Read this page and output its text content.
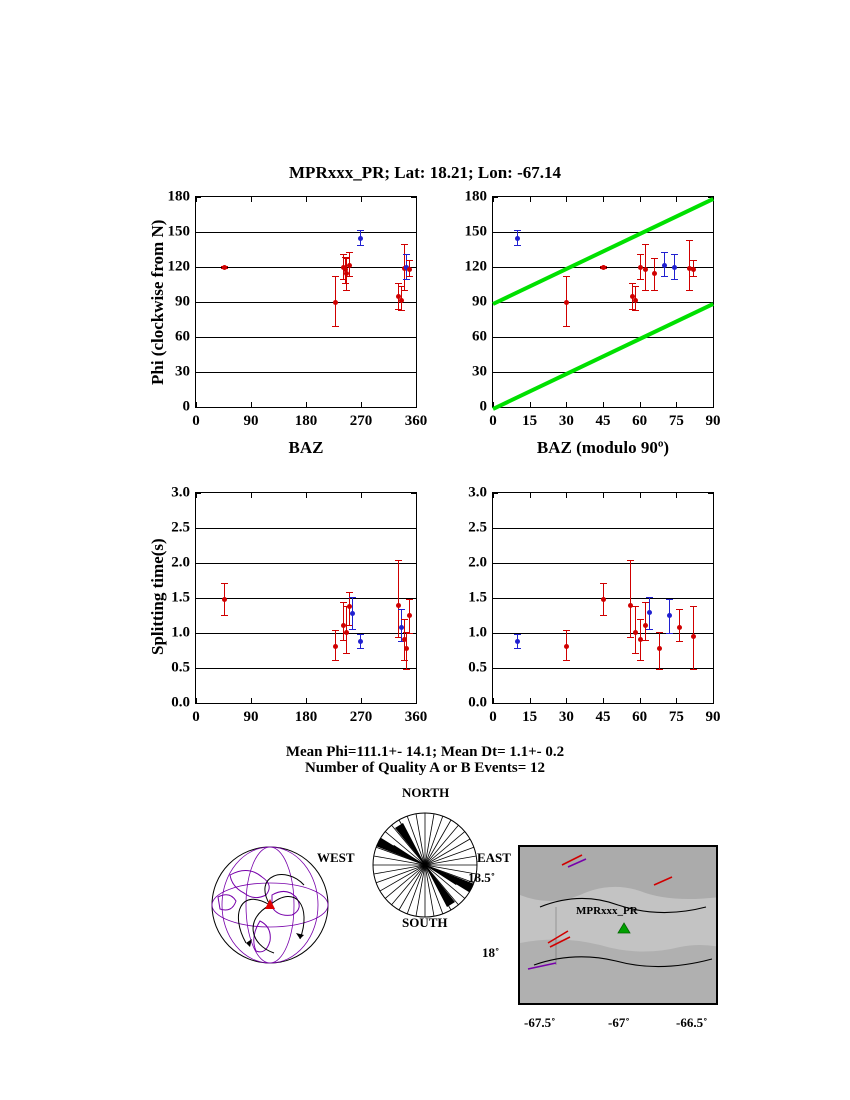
MPRxxx_PR; Lat: 18.21; Lon: -67.14
0
30
60
90
120
150
180
0	90 180 270 360
Phi (clockwise from N)
BAZ
0
30
60
90
120
150
180
0 15 30 45 60 75 90
BAZ (modulo 90º)
0.0
0.5
1.0
1.5
2.0
2.5
3.0
0	90 180 270 360
Splitting time(s)
0.0
0.5
1.0
1.5
2.0
2.5
3.0
0 15 30 45 60 75 90
Mean Phi=111.1+- 14.1; Mean Dt= 1.1+- 0.2
Number of Quality A or B Events= 12
NORTH
SOUTH
EAST
WEST
MPRxxx_PR
18.5˚
18˚
-67.5˚	-67˚	-66.5˚
